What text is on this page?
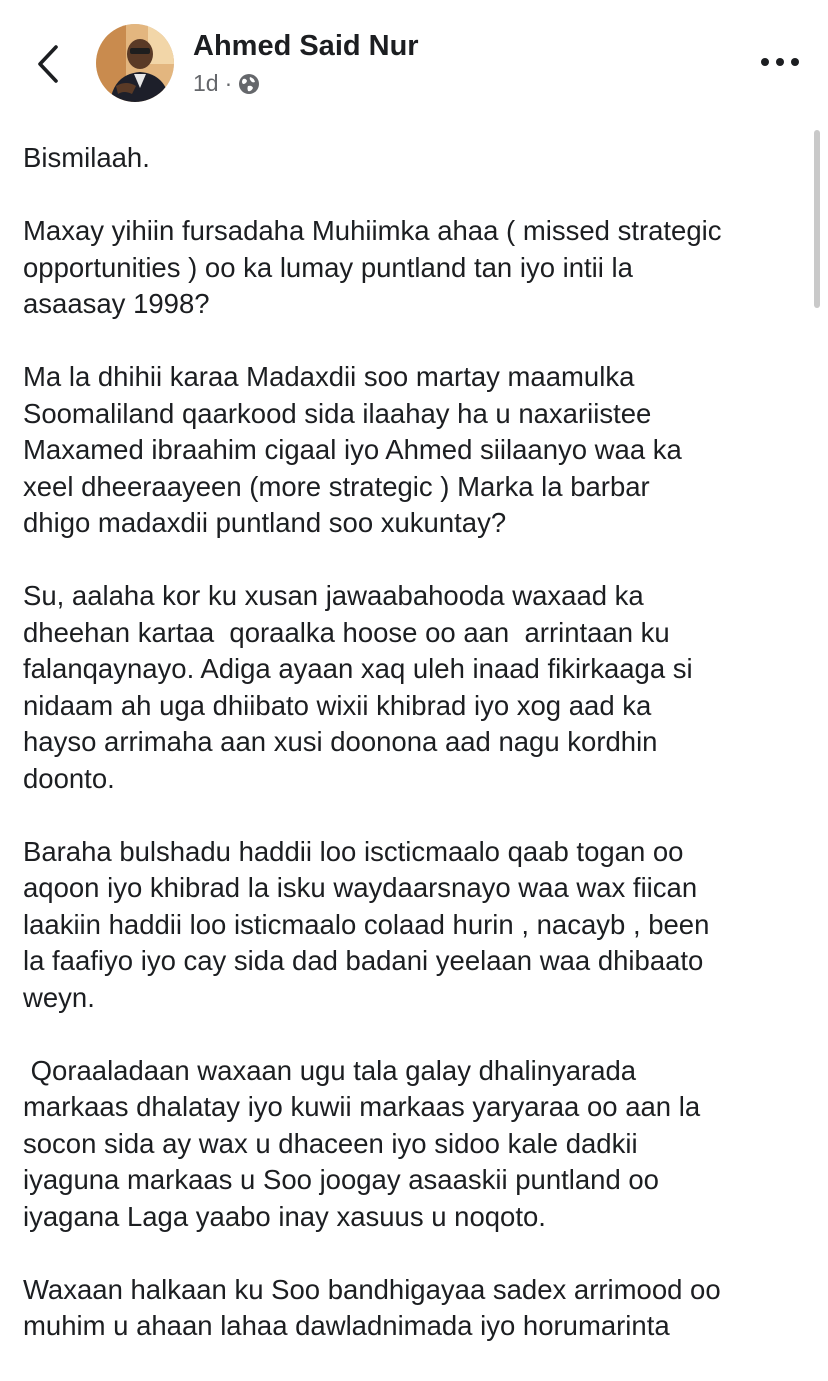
Ahmed Said Nur
1d ·

Bismilaah.

Maxay yihiin fursadaha Muhiimka ahaa ( missed strategic
opportunities ) oo ka lumay puntland tan iyo intii la
asaasay 1998?

Ma la dhihii karaa Madaxdii soo martay maamulka
Soomaliland qaarkood sida ilaahay ha u naxariistee
Maxamed ibraahim cigaal iyo Ahmed siilaanyo waa ka
xeel dheeraayeen (more strategic ) Marka la barbar
dhigo madaxdii puntland soo xukuntay?

Su, aalaha kor ku xusan jawaabahooda waxaad ka
dheehan kartaa  qoraalka hoose oo aan  arrintaan ku
falanqaynayo. Adiga ayaan xaq uleh inaad fikirkaaga si
nidaam ah uga dhiibato wixii khibrad iyo xog aad ka
hayso arrimaha aan xusi doonona aad nagu kordhin
doonto.

Baraha bulshadu haddii loo iscticmaalo qaab togan oo
aqoon iyo khibrad la isku waydaarsnayo waa wax fiican
laakiin haddii loo isticmaalo colaad hurin , nacayb , been
la faafiyo iyo cay sida dad badani yeelaan waa dhibaato
weyn.

Qoraaladaan waxaan ugu tala galay dhalinyarada
markaas dhalatay iyo kuwii markaas yaryaraa oo aan la
socon sida ay wax u dhaceen iyo sidoo kale dadkii
iyaguna markaas u Soo joogay asaaskii puntland oo
iyagana Laga yaabo inay xasuus u noqoto.

Waxaan halkaan ku Soo bandhigayaa sadex arrimood oo
muhim u ahaan lahaa dawladnimada iyo horumarinta
